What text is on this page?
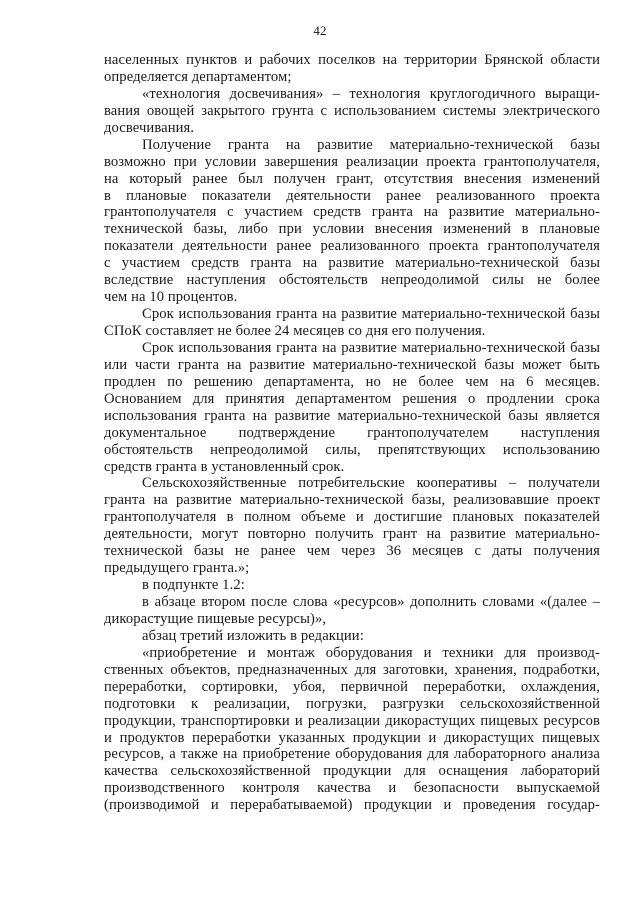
42
населенных пунктов и рабочих поселков на территории Брянской области
определяется департаментом;
«технология досвечивания» – технология круглогодичного выращи-
вания овощей закрытого грунта с использованием системы электрического
досвечивания.
Получение гранта на развитие материально-технической базы
возможно при условии завершения реализации проекта грантополучателя,
на который ранее был получен грант, отсутствия внесения изменений
в плановые показатели деятельности ранее реализованного проекта
грантополучателя с участием средств гранта на развитие материально-
технической базы, либо при условии внесения изменений в плановые
показатели деятельности ранее реализованного проекта грантополучателя
с участием средств гранта на развитие материально-технической базы
вследствие наступления обстоятельств непреодолимой силы не более
чем на 10 процентов.
Срок использования гранта на развитие материально-технической базы
СПоК составляет не более 24 месяцев со дня его получения.
Срок использования гранта на развитие материально-технической базы
или части гранта на развитие материально-технической базы может быть
продлен по решению департамента, но не более чем на 6 месяцев.
Основанием для принятия департаментом решения о продлении срока
использования гранта на развитие материально-технической базы является
документальное подтверждение грантополучателем наступления
обстоятельств непреодолимой силы, препятствующих использованию
средств гранта в установленный срок.
Сельскохозяйственные потребительские кооперативы – получатели
гранта на развитие материально-технической базы, реализовавшие проект
грантополучателя в полном объеме и достигшие плановых показателей
деятельности, могут повторно получить грант на развитие материально-
технической базы не ранее чем через 36 месяцев с даты получения
предыдущего гранта.»;
в подпункте 1.2:
в абзаце втором после слова «ресурсов» дополнить словами «(далее –
дикорастущие пищевые ресурсы)»,
абзац третий изложить в редакции:
«приобретение и монтаж оборудования и техники для производ-
ственных объектов, предназначенных для заготовки, хранения, подработки,
переработки, сортировки, убоя, первичной переработки, охлаждения,
подготовки к реализации, погрузки, разгрузки сельскохозяйственной
продукции, транспортировки и реализации дикорастущих пищевых ресурсов
и продуктов переработки указанных продукции и дикорастущих пищевых
ресурсов, а также на приобретение оборудования для лабораторного анализа
качества сельскохозяйственной продукции для оснащения лабораторий
производственного контроля качества и безопасности выпускаемой
(производимой и перерабатываемой) продукции и проведения государ-
